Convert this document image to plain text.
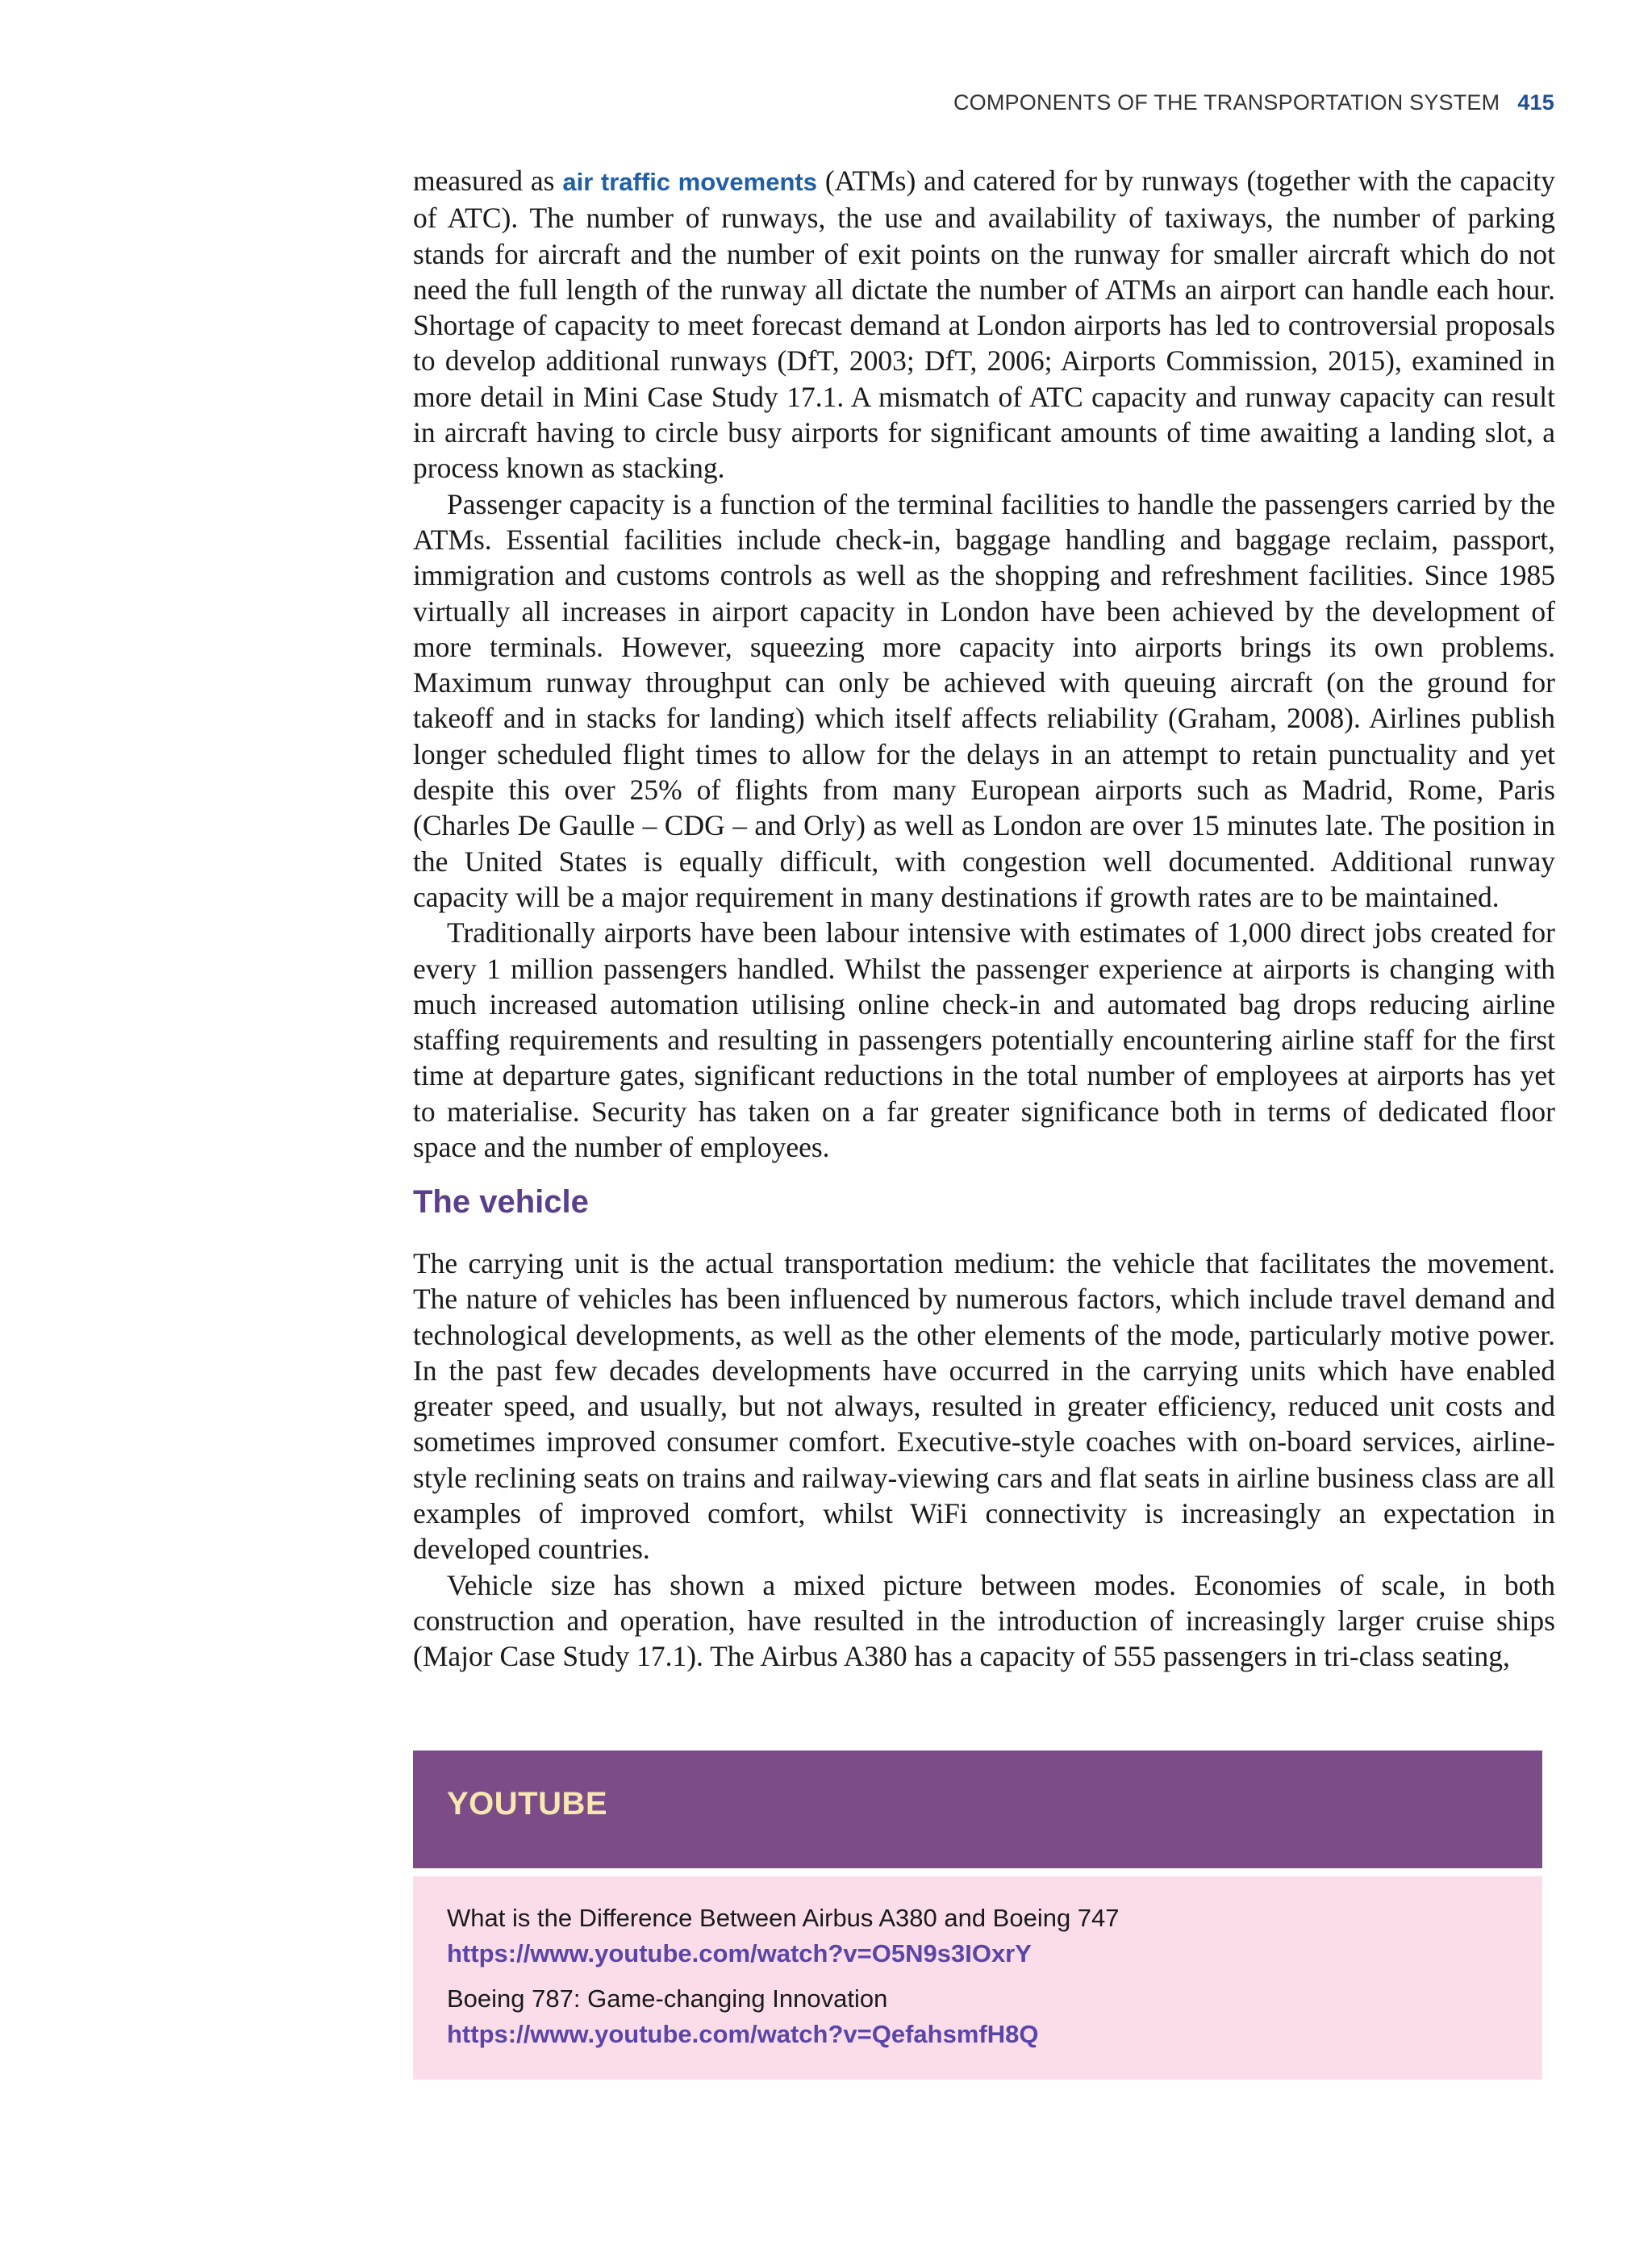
COMPONENTS OF THE TRANSPORTATION SYSTEM 415

measured as air traffic movements (ATMs) and catered for by runways (together with the capacity of ATC). The number of runways, the use and availability of taxiways, the number of parking stands for aircraft and the number of exit points on the runway for smaller aircraft which do not need the full length of the runway all dictate the number of ATMs an airport can handle each hour. Shortage of capacity to meet forecast demand at London airports has led to controversial proposals to develop additional runways (DfT, 2003; DfT, 2006; Airports Commission, 2015), examined in more detail in Mini Case Study 17.1. A mismatch of ATC capacity and runway capacity can result in aircraft having to circle busy airports for significant amounts of time awaiting a landing slot, a process known as stacking.

Passenger capacity is a function of the terminal facilities to handle the passengers carried by the ATMs. Essential facilities include check-in, baggage handling and baggage reclaim, passport, immigration and customs controls as well as the shopping and refreshment facilities. Since 1985 virtually all increases in airport capacity in London have been achieved by the development of more terminals. However, squeezing more capacity into airports brings its own problems. Maximum runway throughput can only be achieved with queuing aircraft (on the ground for takeoff and in stacks for landing) which itself affects reliability (Graham, 2008). Airlines publish longer scheduled flight times to allow for the delays in an attempt to retain punctuality and yet despite this over 25% of flights from many European airports such as Madrid, Rome, Paris (Charles De Gaulle – CDG – and Orly) as well as London are over 15 minutes late. The position in the United States is equally difficult, with congestion well documented. Additional runway capacity will be a major requirement in many destinations if growth rates are to be maintained.

Traditionally airports have been labour intensive with estimates of 1,000 direct jobs created for every 1 million passengers handled. Whilst the passenger experience at airports is changing with much increased automation utilising online check-in and automated bag drops reducing airline staffing requirements and resulting in passengers potentially encountering airline staff for the first time at departure gates, significant reductions in the total number of employees at airports has yet to materialise. Security has taken on a far greater significance both in terms of dedicated floor space and the number of employees.

The vehicle

The carrying unit is the actual transportation medium: the vehicle that facilitates the movement. The nature of vehicles has been influenced by numerous factors, which include travel demand and technological developments, as well as the other elements of the mode, particularly motive power. In the past few decades developments have occurred in the carrying units which have enabled greater speed, and usually, but not always, resulted in greater efficiency, reduced unit costs and sometimes improved consumer comfort. Executive-style coaches with on-board services, airline-style reclining seats on trains and railway-viewing cars and flat seats in airline business class are all examples of improved comfort, whilst WiFi connectivity is increasingly an expectation in developed countries.

Vehicle size has shown a mixed picture between modes. Economies of scale, in both construction and operation, have resulted in the introduction of increasingly larger cruise ships (Major Case Study 17.1). The Airbus A380 has a capacity of 555 passengers in tri-class seating,

YOUTUBE
What is the Difference Between Airbus A380 and Boeing 747
https://www.youtube.com/watch?v=O5N9s3IOxrY
Boeing 787: Game-changing Innovation
https://www.youtube.com/watch?v=QefahsmfH8Q
